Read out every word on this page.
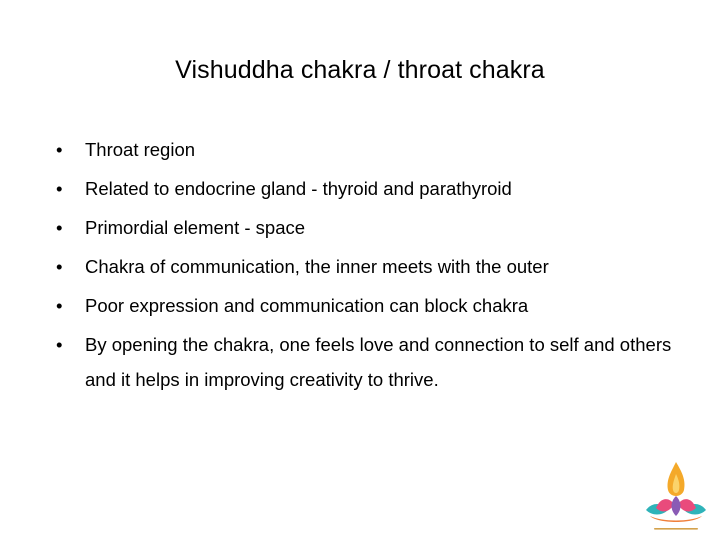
Vishuddha chakra / throat chakra
• Throat region
• Related to endocrine gland - thyroid and parathyroid
• Primordial element - space
• Chakra of communication, the inner meets with the outer
• Poor expression and communication can block chakra
• By opening the chakra, one feels love and connection to self and others and it helps in improving creativity to thrive.
